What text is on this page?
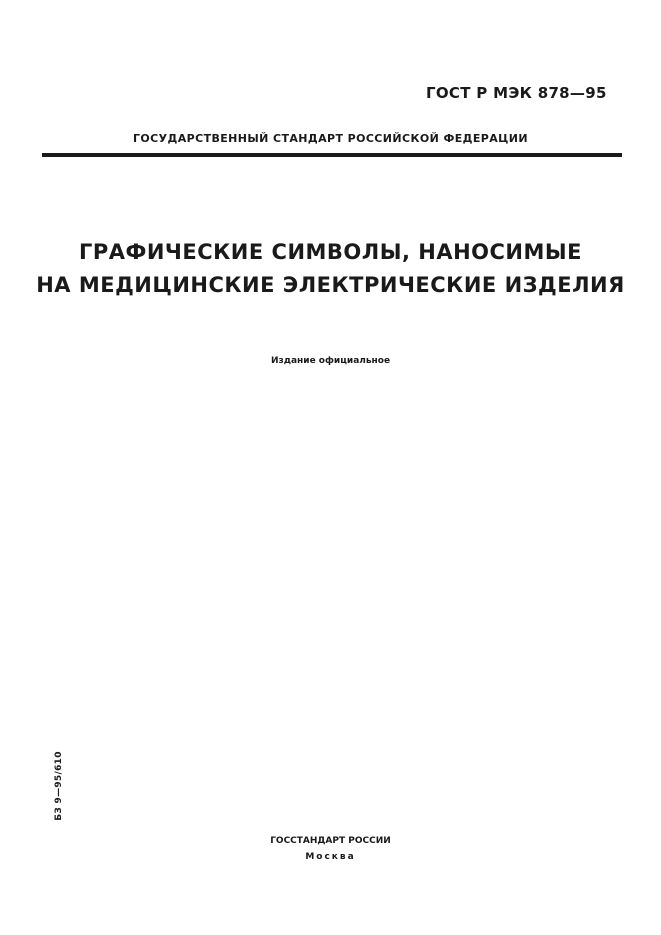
ГОСТ Р МЭК 878—95
ГОСУДАРСТВЕННЫЙ СТАНДАРТ РОССИЙСКОЙ ФЕДЕРАЦИИ
ГРАФИЧЕСКИЕ СИМВОЛЫ, НАНОСИМЫЕ
НА МЕДИЦИНСКИЕ ЭЛЕКТРИЧЕСКИЕ ИЗДЕЛИЯ
Издание официальное
БЗ 9—95/610
ГОССТАНДАРТ РОССИИ
Москва
